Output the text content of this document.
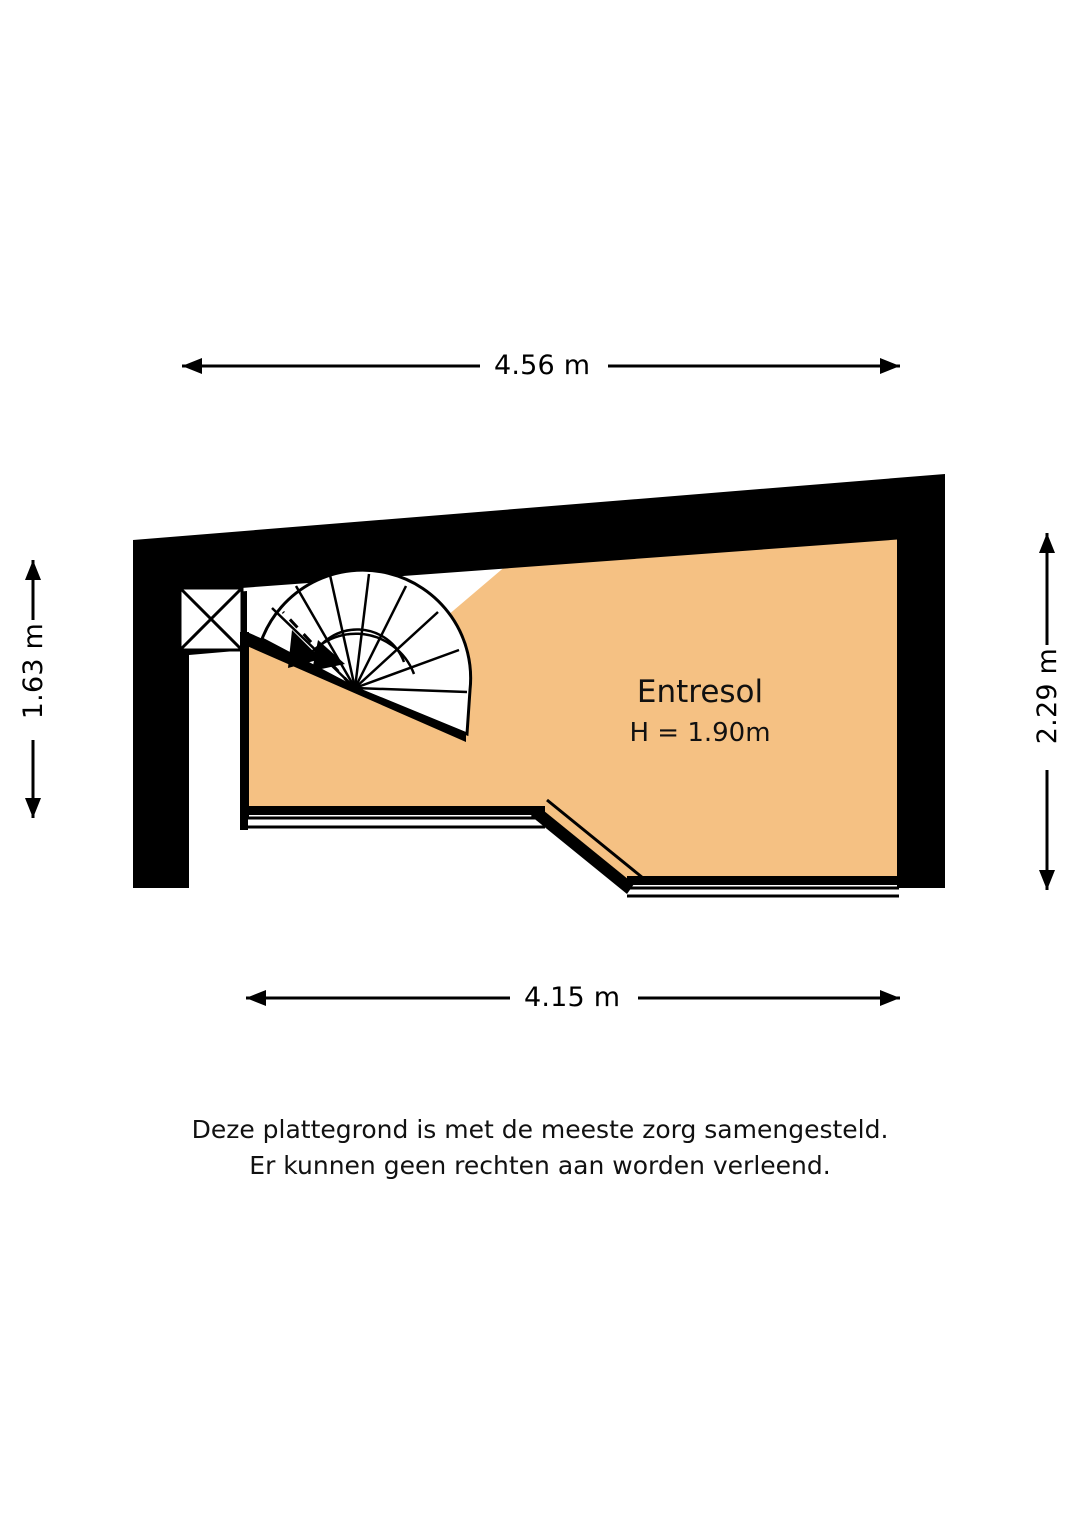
4.56 m
4.15 m
1.63 m	2.29 m
Entresol
H = 1.90m
Deze plattegrond is met de meeste zorg samengesteld.
Er kunnen geen rechten aan worden verleend.
